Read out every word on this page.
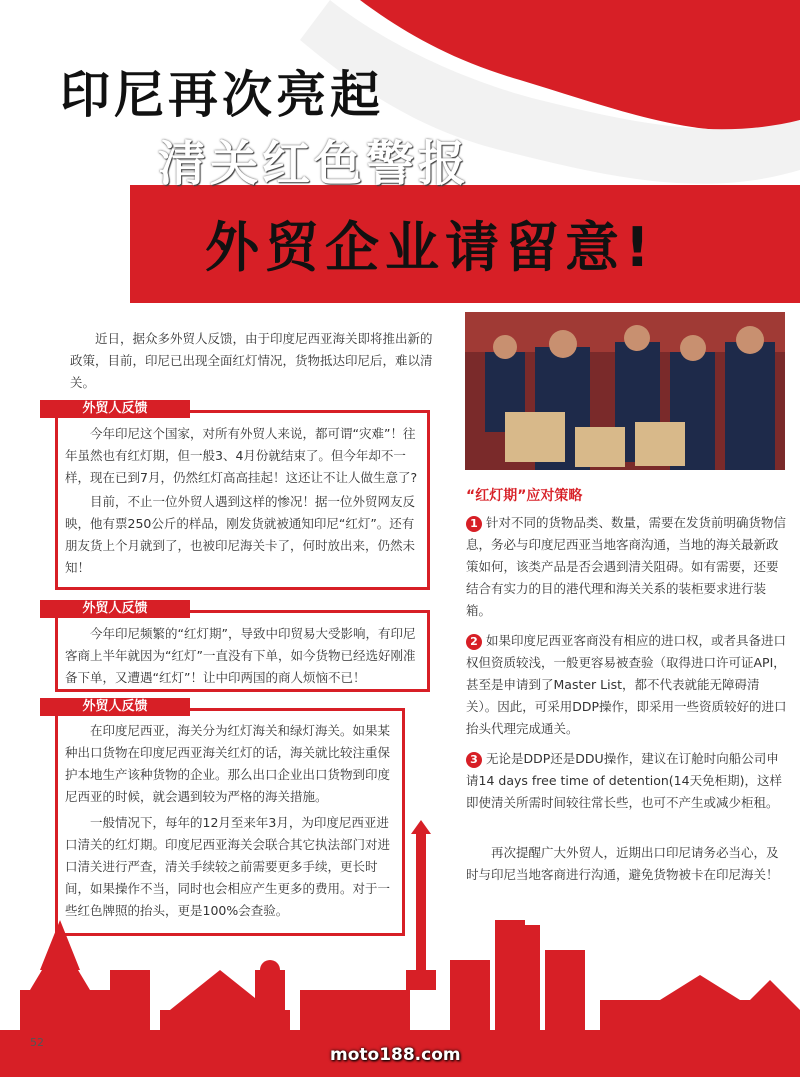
印尼再次亮起
清关红色警报
外贸企业请留意!

近日，据众多外贸人反馈，由于印度尼西亚海关即将推出新的政策，目前，印尼已出现全面红灯情况，货物抵达印尼后，难以清关。

外贸人反馈

今年印尼这个国家，对所有外贸人来说，都可谓“灾难”！往年虽然也有红灯期，但一般3、4月份就结束了。但今年却不一样，现在已到7月，仍然红灯高高挂起！这还让不让人做生意了?

目前，不止一位外贸人遇到这样的惨况！据一位外贸网友反映，他有票250公斤的样品，刚发货就被通知印尼“红灯”。还有朋友货上个月就到了，也被印尼海关卡了，何时放出来，仍然未知！

外贸人反馈

今年印尼频繁的“红灯期”，导致中印贸易大受影响，有印尼客商上半年就因为“红灯”一直没有下单，如今货物已经选好刚准备下单，又遭遇“红灯”！让中印两国的商人烦恼不已！

外贸人反馈

在印度尼西亚，海关分为红灯海关和绿灯海关。如果某种出口货物在印度尼西亚海关红灯的话，海关就比较注重保护本地生产该种货物的企业。那么出口企业出口货物到印度尼西亚的时候，就会遇到较为严格的海关措施。

一般情况下，每年的12月至来年3月，为印度尼西亚进口清关的红灯期。印度尼西亚海关会联合其它执法部门对进口清关进行严查，清关手续较之前需要更多手续，更长时间，如果操作不当，同时也会相应产生更多的费用。对于一些红色牌照的抬头，更是100%会查验。

“红灯期”应对策略

1 针对不同的货物品类、数量，需要在发货前明确货物信息，务必与印度尼西亚当地客商沟通，当地的海关最新政策如何，该类产品是否会遇到清关阻碍。如有需要，还要结合有实力的目的港代理和海关关系的装柜要求进行装箱。

2 如果印度尼西亚客商没有相应的进口权，或者具备进口权但资质较浅，一般更容易被查验（取得进口许可证API，甚至是申请到了Master List，都不代表就能无障碍清关）。因此，可采用DDP操作，即采用一些资质较好的进口抬头代理完成通关。

3 无论是DDP还是DDU操作，建议在订舱时向船公司申请14 days free time of detention(14天免柜期)，这样即使清关所需时间较往常长些，也可不产生或减少柜租。

再次提醒广大外贸人，近期出口印尼请务必当心，及时与印尼当地客商进行沟通，避免货物被卡在印尼海关！

52
moto188.com
